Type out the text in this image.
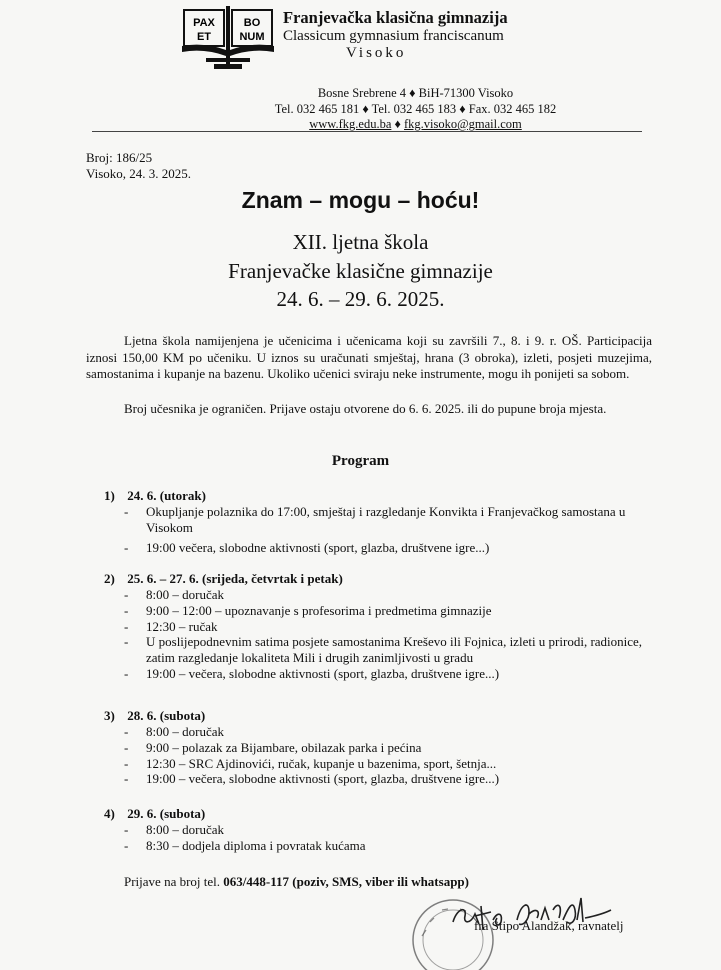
PAX
ET
BO
NUM
Franjevačka klasična gimnazija
Classicum gymnasium franciscanum
Visoko
Bosne Srebrene 4 ♦ BiH-71300 Visoko
Tel. 032 465 181 ♦ Tel. 032 465 183 ♦ Fax. 032 465 182
www.fkg.edu.ba ♦ fkg.visoko@gmail.com
Broj: 186/25
Visoko, 24. 3. 2025.
Znam – mogu – hoću!
XII. ljetna škola
Franjevačke klasične gimnazije
24. 6. – 29. 6. 2025.

Ljetna škola namijenjena je učenicima i učenicama koji su završili 7., 8. i 9. r. OŠ. Participacija iznosi 150,00 KM po učeniku. U iznos su uračunati smještaj, hrana (3 obroka), izleti, posjeti muzejima, samostanima i kupanje na bazenu. Ukoliko učenici sviraju neke instrumente, mogu ih ponijeti sa sobom.

Broj učesnika je ograničen. Prijave ostaju otvorene do 6. 6. 2025. ili do pupune broja mjesta.

Program
1) 24. 6. (utorak)
- Okupljanje polaznika do 17:00, smještaj i razgledanje Konvikta i Franjevačkog samostana u Visokom
- 19:00 večera, slobodne aktivnosti (sport, glazba, društvene igre...)
2) 25. 6. – 27. 6. (srijeda, četvrtak i petak)
- 8:00 – doručak
- 9:00 – 12:00 – upoznavanje s profesorima i predmetima gimnazije
- 12:30 – ručak
- U poslijepodnevnim satima posjete samostanima Kreševo ili Fojnica, izleti u prirodi, radionice, zatim razgledanje lokaliteta Mili i drugih zanimljivosti u gradu
- 19:00 – večera, slobodne aktivnosti (sport, glazba, društvene igre...)
3) 28. 6. (subota)
- 8:00 – doručak
- 9:00 – polazak za Bijambare, obilazak parka i pećina
- 12:30 – SRC Ajdinovići, ručak, kupanje u bazenima, sport, šetnja...
- 19:00 – večera, slobodne aktivnosti (sport, glazba, društvene igre...)
4) 29. 6. (subota)
- 8:00 – doručak
- 8:30 – dodjela diploma i povratak kućama
Prijave na broj tel. 063/448-117 (poziv, SMS, viber ili whatsapp)
fra Stipo Alandžak, ravnatelj
